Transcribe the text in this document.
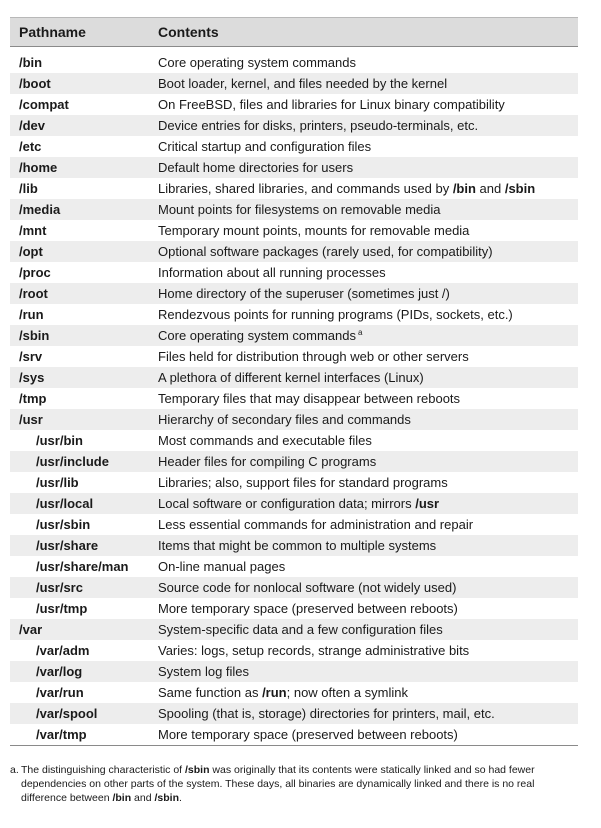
Pathname	Contents
/bin	Core operating system commands
/boot	Boot loader, kernel, and files needed by the kernel
/compat	On FreeBSD, files and libraries for Linux binary compatibility
/dev	Device entries for disks, printers, pseudo-terminals, etc.
/etc	Critical startup and configuration files
/home	Default home directories for users
/lib	Libraries, shared libraries, and commands used by /bin and /sbin
/media	Mount points for filesystems on removable media
/mnt	Temporary mount points, mounts for removable media
/opt	Optional software packages (rarely used, for compatibility)
/proc	Information about all running processes
/root	Home directory of the superuser (sometimes just /)
/run	Rendezvous points for running programs (PIDs, sockets, etc.)
/sbin	Core operating system commands $^a$
/srv	Files held for distribution through web or other servers
/sys	A plethora of different kernel interfaces (Linux)
/tmp	Temporary files that may disappear between reboots
/usr	Hierarchy of secondary files and commands
/usr/bin	Most commands and executable files
/usr/include	Header files for compiling C programs
/usr/lib	Libraries; also, support files for standard programs
/usr/local	Local software or configuration data; mirrors /usr
/usr/sbin	Less essential commands for administration and repair
/usr/share	Items that might be common to multiple systems
/usr/share/man	On-line manual pages
/usr/src	Source code for nonlocal software (not widely used)
/usr/tmp	More temporary space (preserved between reboots)
/var	System-specific data and a few configuration files
/var/adm	Varies: logs, setup records, strange administrative bits
/var/log	System log files
/var/run	Same function as /run; now often a symlink
/var/spool	Spooling (that is, storage) directories for printers, mail, etc.
/var/tmp	More temporary space (preserved between reboots)
a. The distinguishing characteristic of /sbin was originally that its contents were statically linked and so had fewer dependencies on other parts of the system. These days, all binaries are dynamically linked and there is no real difference between /bin and /sbin.
